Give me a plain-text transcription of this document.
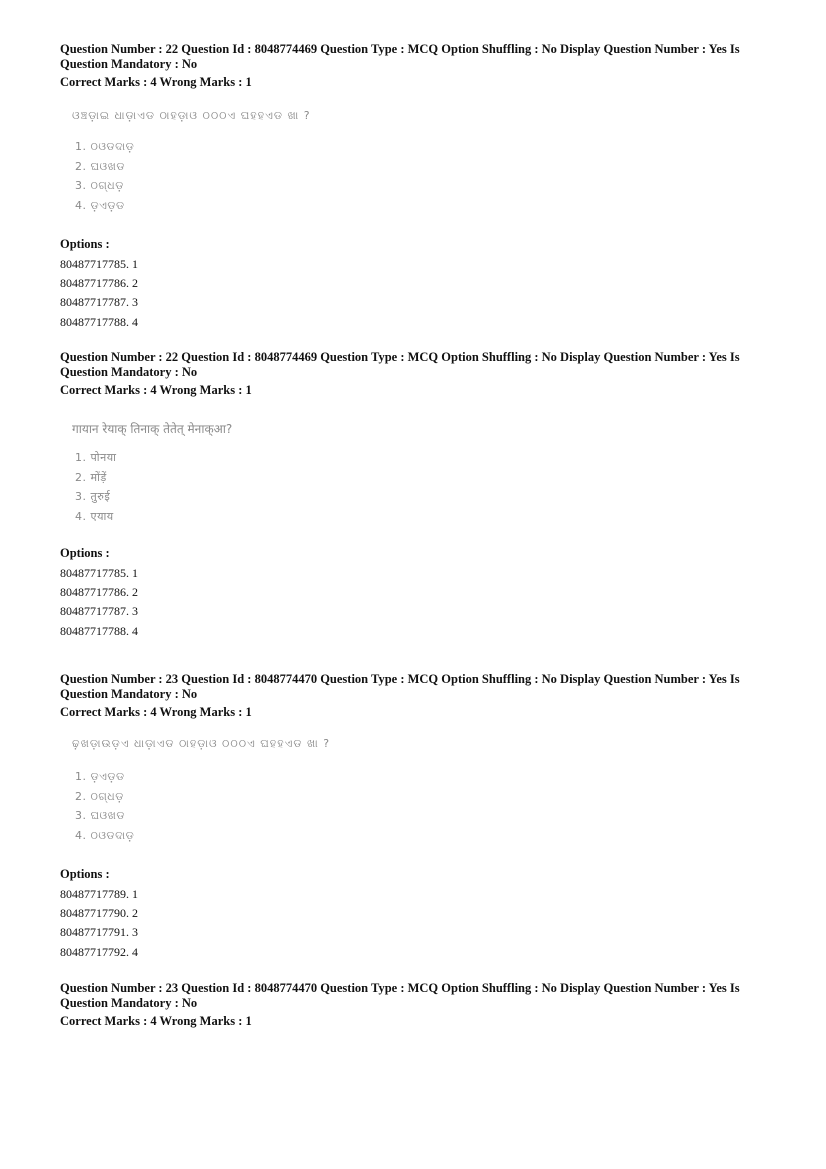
Question Number : 22 Question Id : 8048774469 Question Type : MCQ Option Shuffling : No Display Question Number : Yes Is
Question Mandatory : No
Correct Marks : 4 Wrong Marks : 1
ଓଞ୍ଚଡ଼ାଇ ଧାଡ଼ାଏଡ ଠାହଡ଼ାଓ ଠଠଠଏ ଘହହଏଡ ଖା ?
1. ଠଓଡଦାଡ଼
2. ଘଓଖଡ
3. ଠଗ୍ଧଡ଼
4. ଡ଼ଏଡ଼ଡ
Options :
80487717785. 1
80487717786. 2
80487717787. 3
80487717788. 4
Question Number : 22 Question Id : 8048774469 Question Type : MCQ Option Shuffling : No Display Question Number : Yes Is
Question Mandatory : No
Correct Marks : 4 Wrong Marks : 1
गायान रेयाक् तिनाक् तेतेत् मेनाक्आ?
1. पोनया
2. मोंड़ें
3. तुरुई
4. एयाय
Options :
80487717785. 1
80487717786. 2
80487717787. 3
80487717788. 4
Question Number : 23 Question Id : 8048774470 Question Type : MCQ Option Shuffling : No Display Question Number : Yes Is
Question Mandatory : No
Correct Marks : 4 Wrong Marks : 1
ଢ଼ଖଡ଼ାଉଡ଼ଏ ଧାଡ଼ାଏଡ ଠାହଡ଼ାଓ ଠଠଠଏ ଘହହଏଡ ଖା ?
1. ଡ଼ଏଡ଼ଡ
2. ଠଗ୍ଧଡ଼
3. ଘଓଖଡ
4. ଠଓଡଦାଡ଼
Options :
80487717789. 1
80487717790. 2
80487717791. 3
80487717792. 4
Question Number : 23 Question Id : 8048774470 Question Type : MCQ Option Shuffling : No Display Question Number : Yes Is
Question Mandatory : No
Correct Marks : 4 Wrong Marks : 1
